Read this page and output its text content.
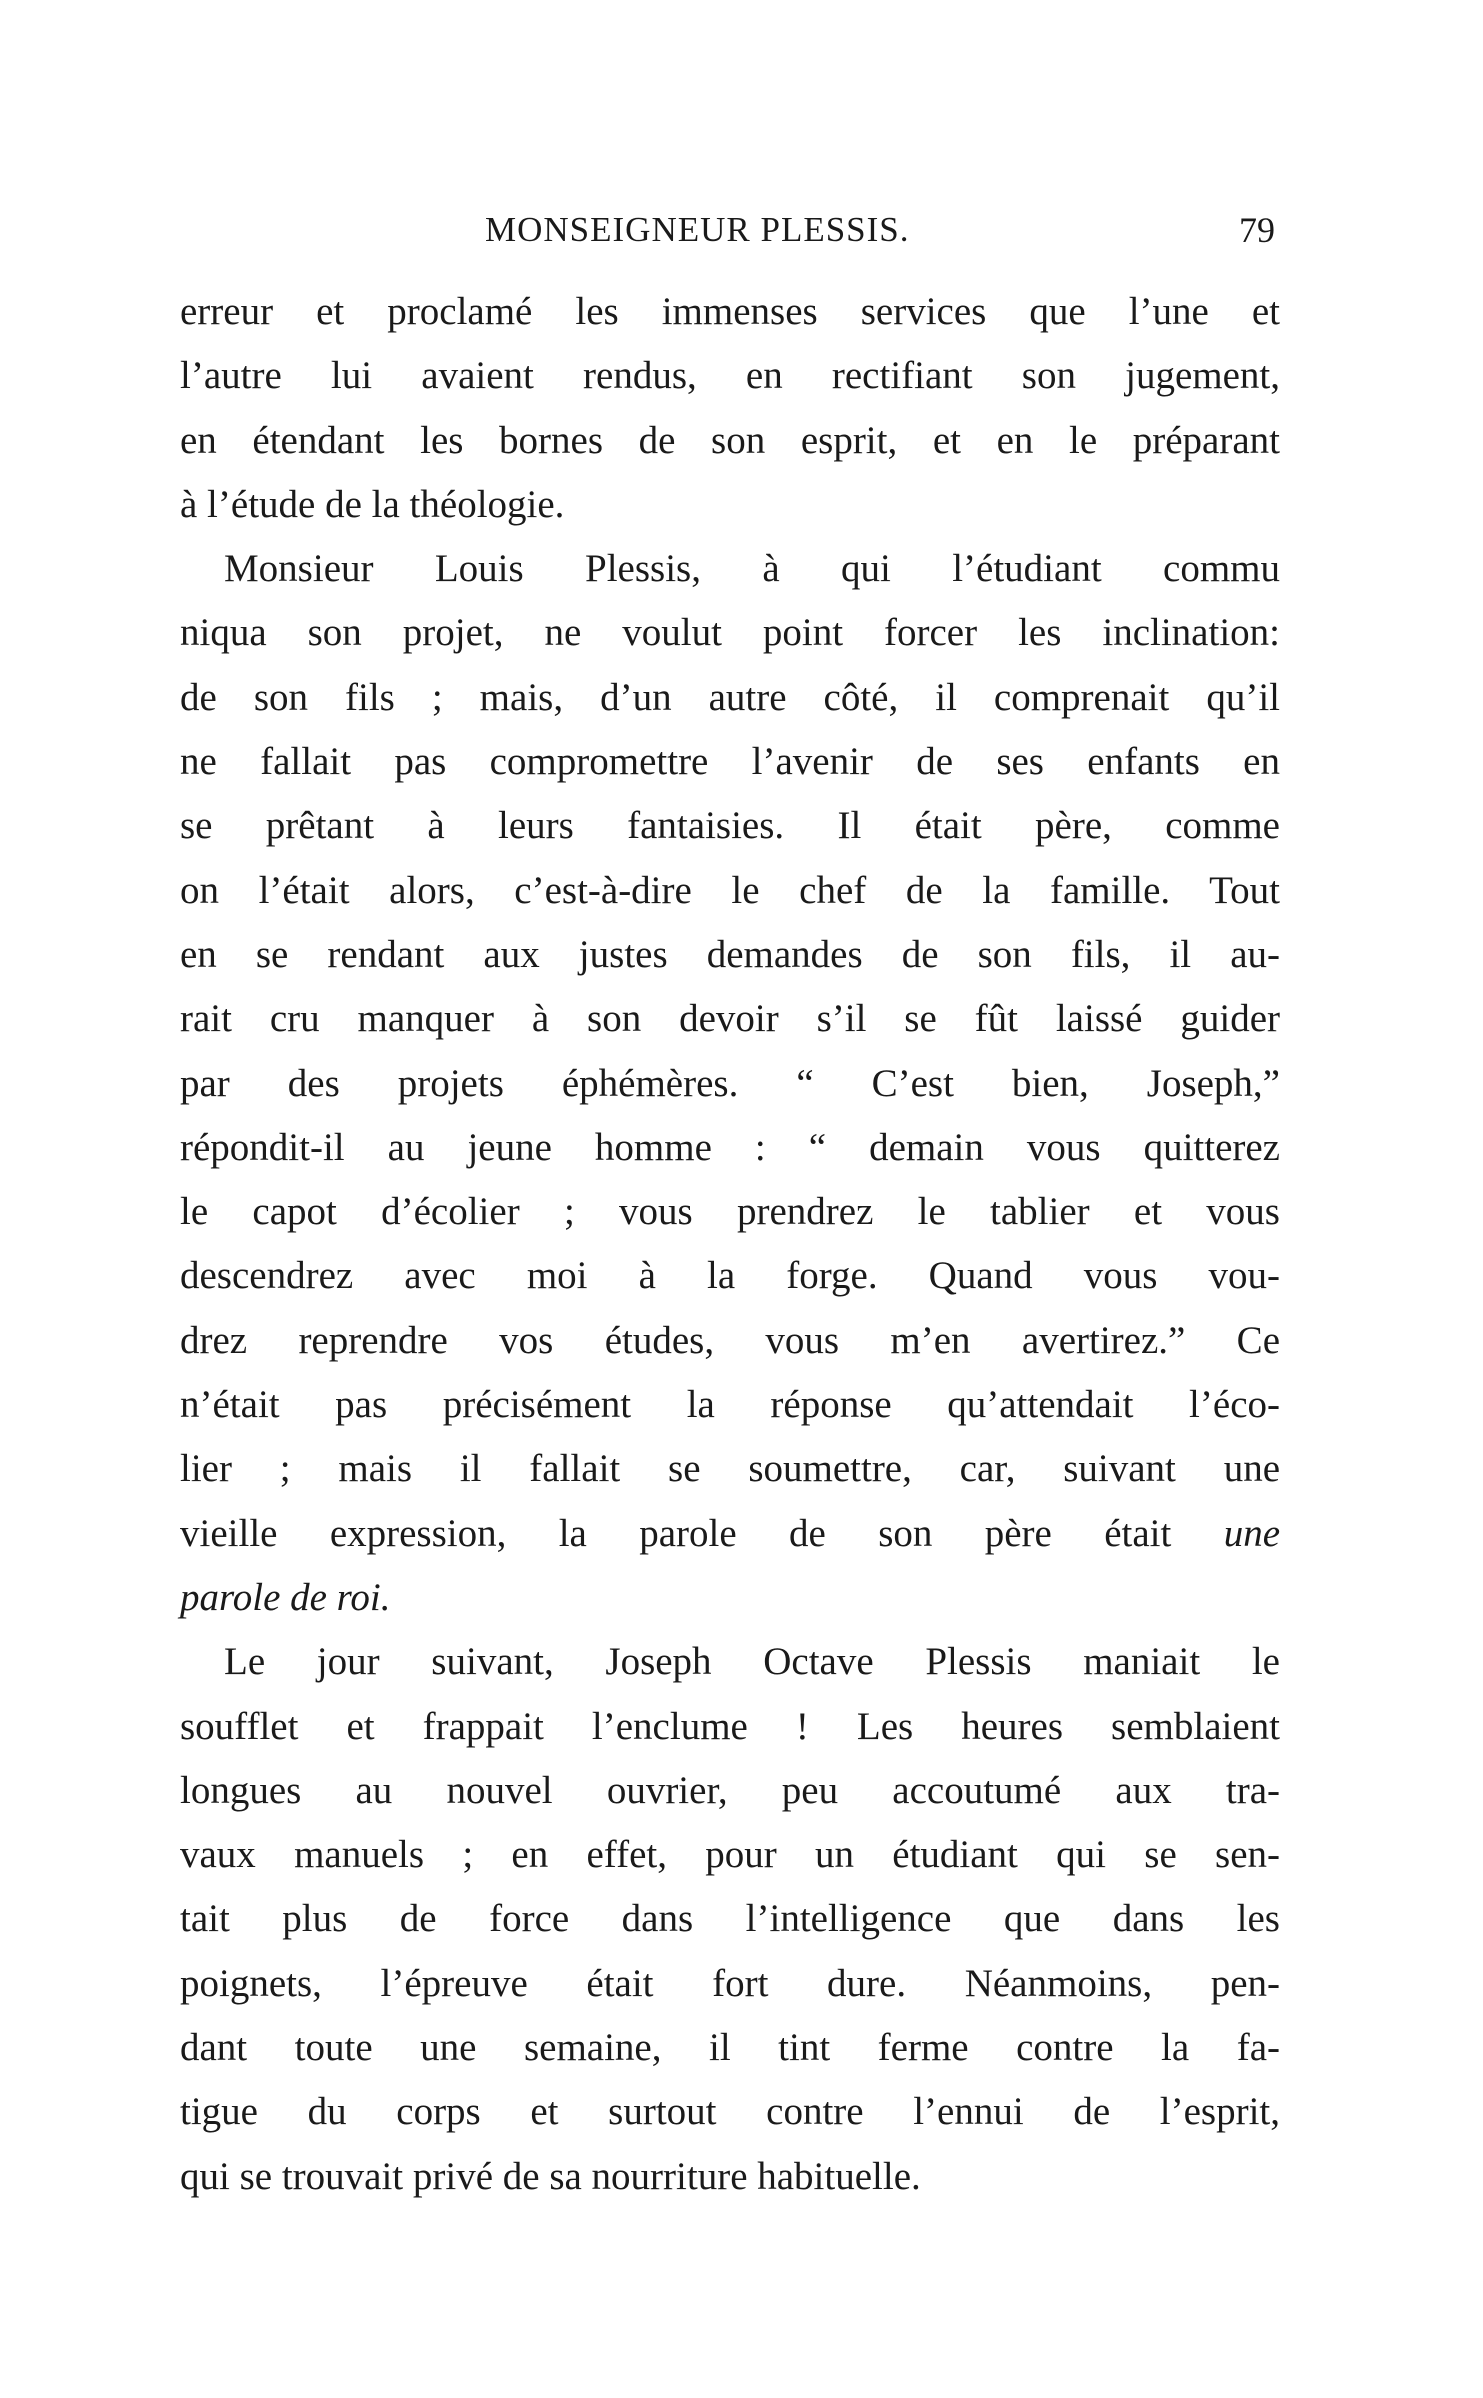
MONSEIGNEUR PLESSIS.	79
erreur et proclamé les immenses services que l’une et
l’autre lui avaient rendus, en rectifiant son jugement,
en étendant les bornes de son esprit, et en le préparant
à l’étude de la théologie.
Monsieur Louis Plessis, à qui l’étudiant commu
niqua son projet, ne voulut point forcer les inclination:
de son fils ; mais, d’un autre côté, il comprenait qu’il
ne fallait pas compromettre l’avenir de ses enfants en
se prêtant à leurs fantaisies. Il était père, comme
on l’était alors, c’est-à-dire le chef de la famille. Tout
en se rendant aux justes demandes de son fils, il au-
rait cru manquer à son devoir s’il se fût laissé guider
par des projets éphémères. “ C’est bien, Joseph,”
répondit-il au jeune homme : “ demain vous quitterez
le capot d’écolier ; vous prendrez le tablier et vous
descendrez avec moi à la forge. Quand vous vou-
drez reprendre vos études, vous m’en avertirez.” Ce
n’était pas précisément la réponse qu’attendait l’éco-
lier ; mais il fallait se soumettre, car, suivant une
vieille expression, la parole de son père était une
parole de roi.
Le jour suivant, Joseph Octave Plessis maniait le
soufflet et frappait l’enclume ! Les heures semblaient
longues au nouvel ouvrier, peu accoutumé aux tra-
vaux manuels ; en effet, pour un étudiant qui se sen-
tait plus de force dans l’intelligence que dans les
poignets, l’épreuve était fort dure. Néanmoins, pen-
dant toute une semaine, il tint ferme contre la fa-
tigue du corps et surtout contre l’ennui de l’esprit,
qui se trouvait privé de sa nourriture habituelle.
